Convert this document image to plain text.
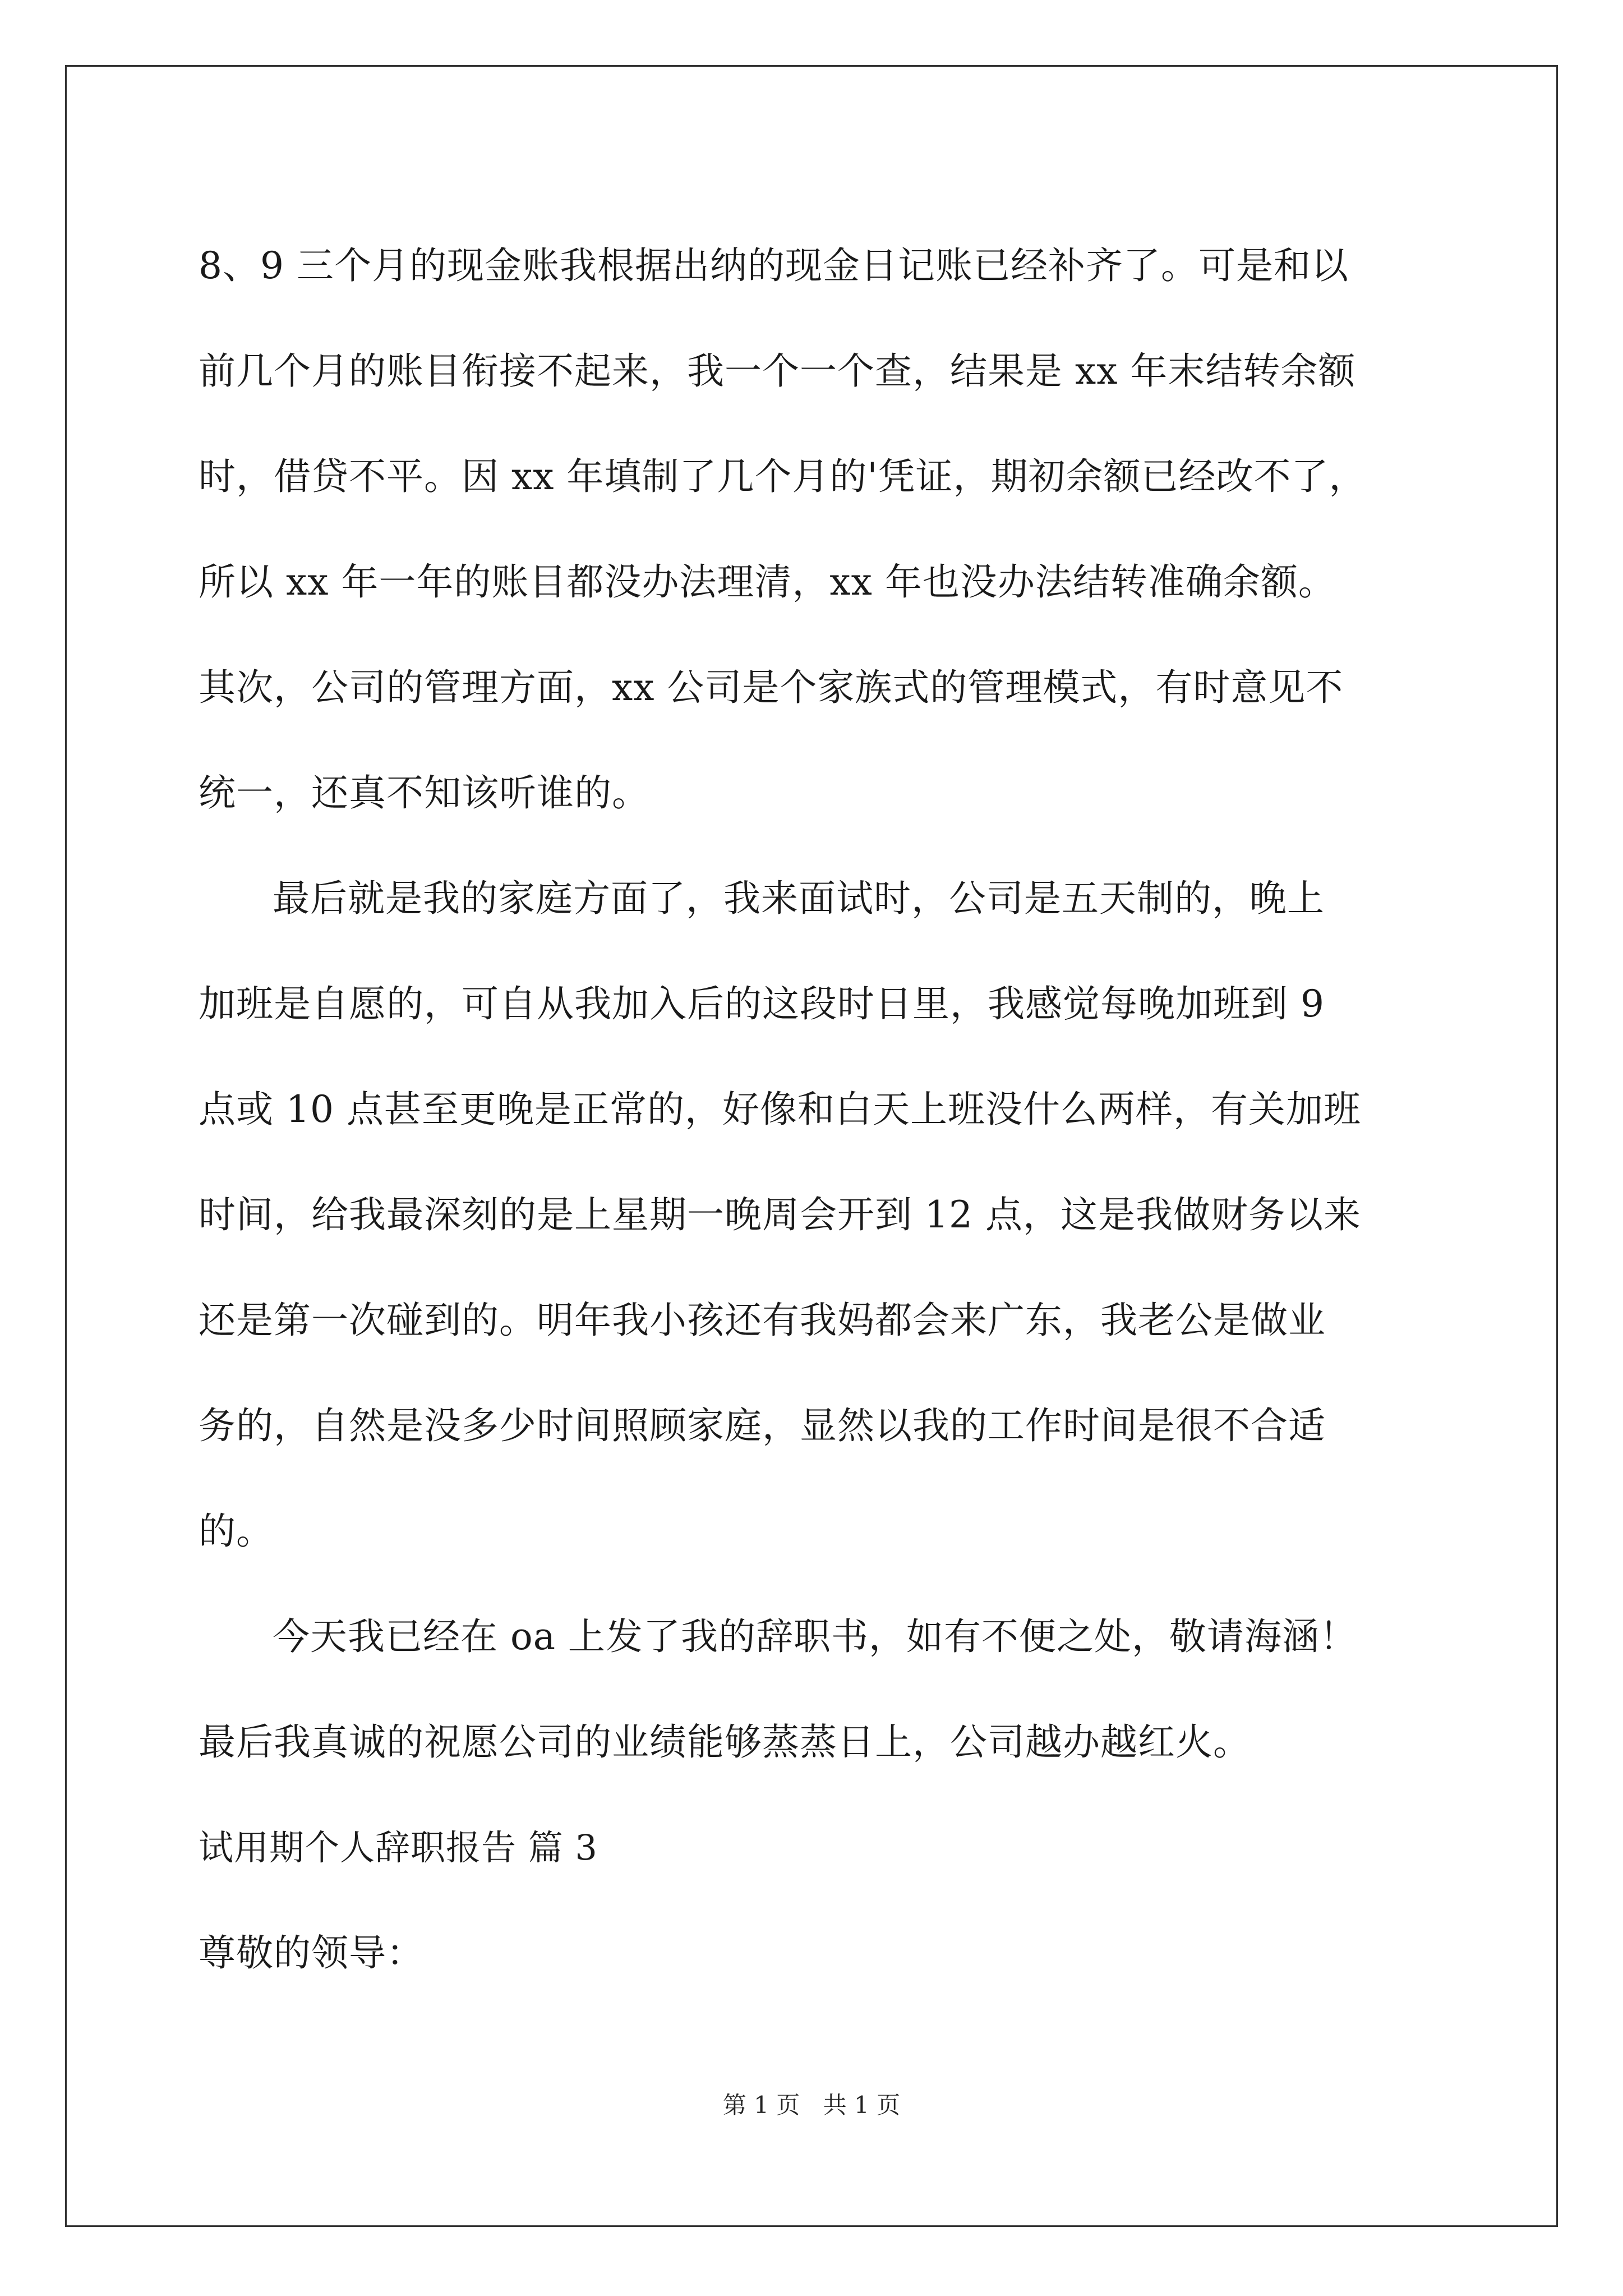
8、9 三个月的现金账我根据出纳的现金日记账已经补齐了。可是和以
前几个月的账目衔接不起来，我一个一个查，结果是 xx 年末结转余额
时，借贷不平。因 xx 年填制了几个月的'凭证，期初余额已经改不了，
所以 xx 年一年的账目都没办法理清，xx 年也没办法结转准确余额。
其次，公司的管理方面，xx 公司是个家族式的管理模式，有时意见不
统一，还真不知该听谁的。
最后就是我的家庭方面了，我来面试时，公司是五天制的，晚上
加班是自愿的，可自从我加入后的这段时日里，我感觉每晚加班到 9
点或 10 点甚至更晚是正常的，好像和白天上班没什么两样，有关加班
时间，给我最深刻的是上星期一晚周会开到 12 点，这是我做财务以来
还是第一次碰到的。明年我小孩还有我妈都会来广东，我老公是做业
务的，自然是没多少时间照顾家庭，显然以我的工作时间是很不合适
的。
今天我已经在 oa 上发了我的辞职书，如有不便之处，敬请海涵！
最后我真诚的祝愿公司的业绩能够蒸蒸日上，公司越办越红火。
试用期个人辞职报告 篇 3
尊敬的领导：
第 1 页 共 1 页
